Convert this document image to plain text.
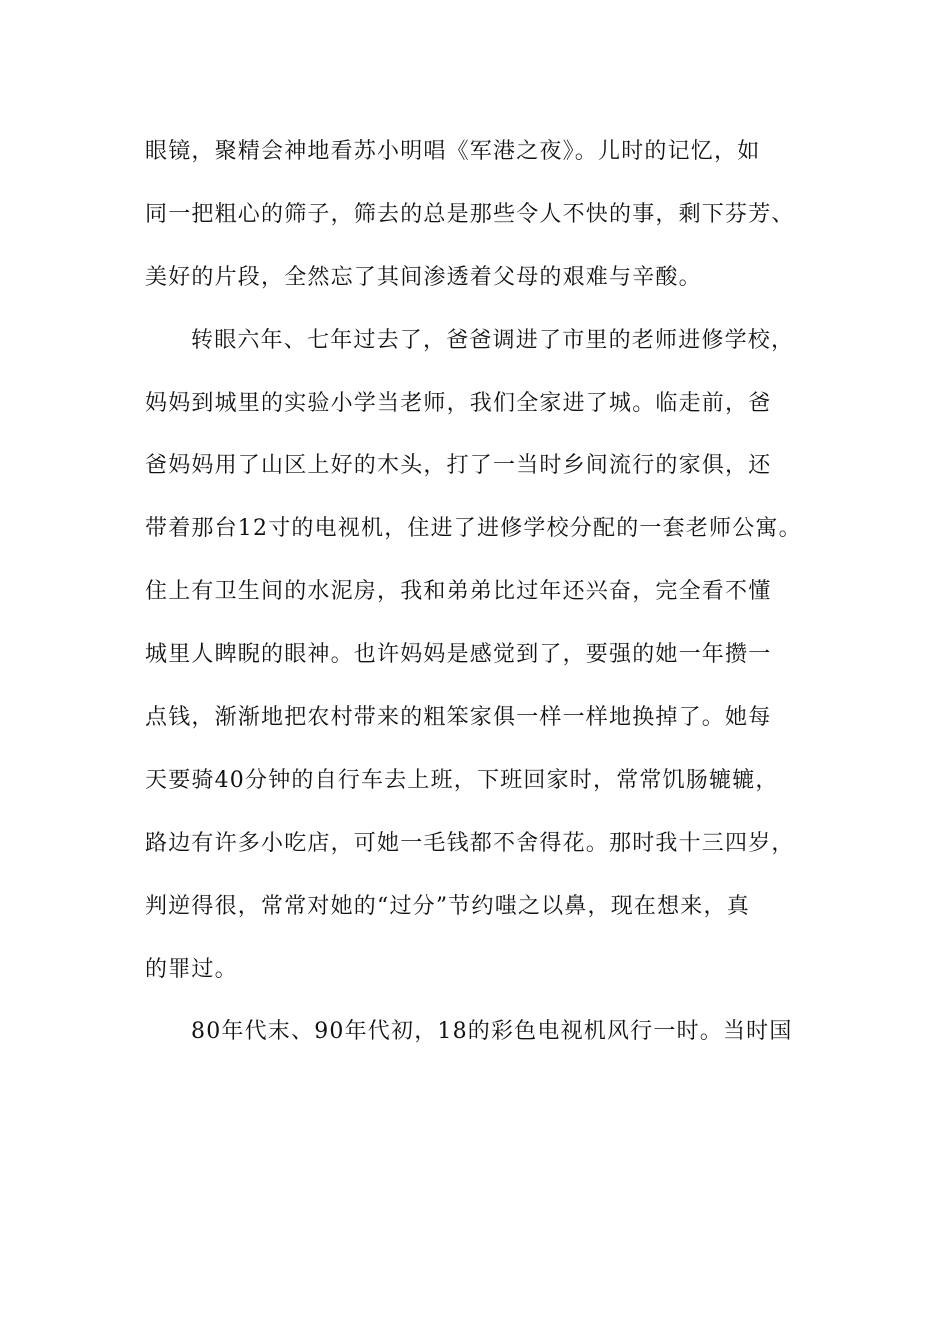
眼镜，聚精会神地看苏小明唱《军港之夜》。儿时的记忆，如
同一把粗心的筛子，筛去的总是那些令人不快的事，剩下芬芳、
美好的片段，全然忘了其间渗透着父母的艰难与辛酸。
转眼六年、七年过去了，爸爸调进了市里的老师进修学校，
妈妈到城里的实验小学当老师，我们全家进了城。临走前，爸
爸妈妈用了山区上好的木头，打了一当时乡间流行的家俱，还
带着那台12寸的电视机，住进了进修学校分配的一套老师公寓。
住上有卫生间的水泥房，我和弟弟比过年还兴奋，完全看不懂
城里人睥睨的眼神。也许妈妈是感觉到了，要强的她一年攒一
点钱，渐渐地把农村带来的粗笨家俱一样一样地换掉了。她每
天要骑40分钟的自行车去上班，下班回家时，常常饥肠辘辘，
路边有许多小吃店，可她一毛钱都不舍得花。那时我十三四岁，
判逆得很，常常对她的“过分”节约嗤之以鼻，现在想来，真
的罪过。
80年代末、90年代初，18的彩色电视机风行一时。当时国
